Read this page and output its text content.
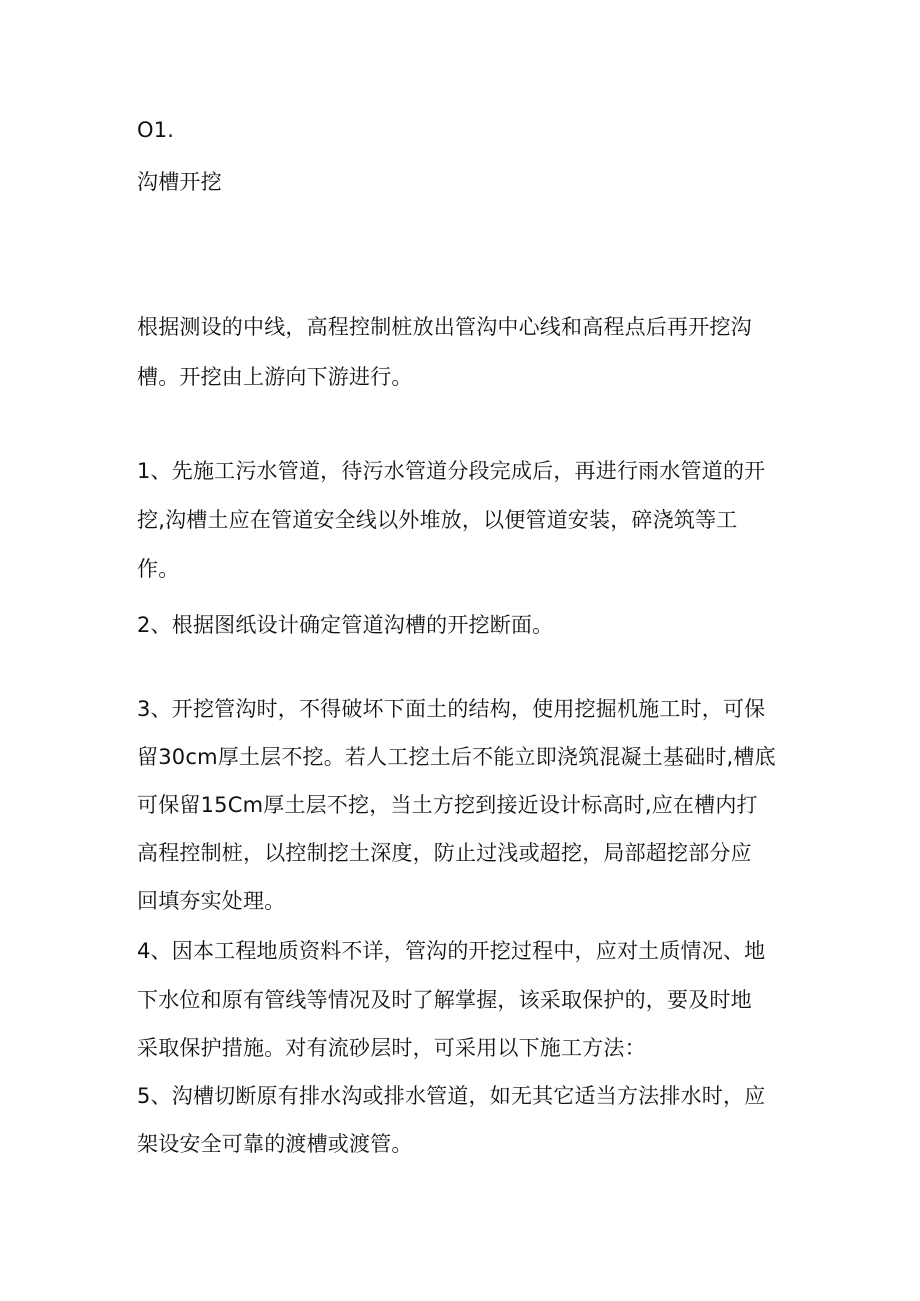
O1.
沟槽开挖
根据测设的中线，高程控制桩放出管沟中心线和高程点后再开挖沟
槽。开挖由上游向下游进行。
1、先施工污水管道，待污水管道分段完成后，再进行雨水管道的开
挖,沟槽土应在管道安全线以外堆放，以便管道安装，碎浇筑等工
作。
2、根据图纸设计确定管道沟槽的开挖断面。
3、开挖管沟时，不得破坏下面土的结构，使用挖掘机施工时，可保
留30cm厚土层不挖。若人工挖土后不能立即浇筑混凝土基础时,槽底
可保留15Cm厚土层不挖，当土方挖到接近设计标高时,应在槽内打
高程控制桩，以控制挖土深度，防止过浅或超挖，局部超挖部分应
回填夯实处理。
4、因本工程地质资料不详，管沟的开挖过程中，应对土质情况、地
下水位和原有管线等情况及时了解掌握，该采取保护的，要及时地
采取保护措施。对有流砂层时，可采用以下施工方法：
5、沟槽切断原有排水沟或排水管道，如无其它适当方法排水时，应
架设安全可靠的渡槽或渡管。
